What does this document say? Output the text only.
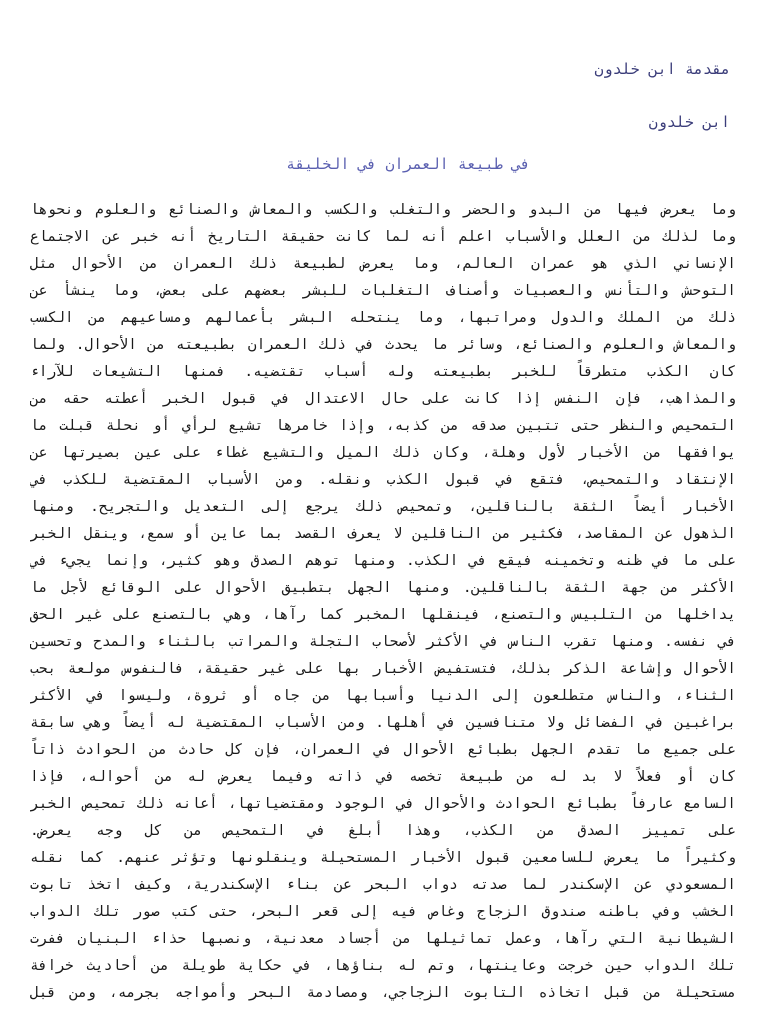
مقدمة ابن خلدون
ابن خلدون
في طبيعة العمران في الخليقة
وما يعرض فيها من البدو والحضر والتغلب والكسب والمعاش والصنائع والعلوم ونحوها
وما لذلك من العلل والأسباب اعلم أنه لما كانت حقيقة التاريخ أنه خبر عن الاجتماع
الإنساني الذي هو عمران العالم، وما يعرض لطبيعة ذلك العمران من الأحوال مثل
التوحش والتأنس والعصبيات وأصناف التغلبات للبشر بعضهم على بعض، وما ينشأ عن
ذلك من الملك والدول ومراتبها، وما ينتحله البشر بأعمالهم ومساعيهم من الكسب
والمعاش والعلوم والصنائع، وسائر ما يحدث في ذلك العمران بطبيعته من الأحوال. ولما
كان الكذب متطرقاً للخبر بطبيعته وله أسباب تقتضيه. فمنها التشيعات للآراء
والمذاهب، فإن النفس إذا كانت على حال الاعتدال في قبول الخبر أعطته حقه من
التمحيص والنظر حتى تتبين صدقه من كذبه، وإذا خامرها تشيع لرأي أو نحلة قبلت ما
يوافقها من الأخبار لأول وهلة، وكان ذلك الميل والتشيع غطاء على عين بصيرتها عن
الإنتقاد والتمحيص، فتقع في قبول الكذب ونقله. ومن الأسباب المقتضية للكذب في
الأخبار أيضاً الثقة بالناقلين، وتمحيص ذلك يرجع إلى التعديل والتجريح. ومنها
الذهول عن المقاصد، فكثير من الناقلين لا يعرف القصد بما عاين أو سمع، وينقل الخبر
على ما في ظنه وتخمينه فيقع في الكذب. ومنها توهم الصدق وهو كثير، وإنما يجيء في
الأكثر من جهة الثقة بالناقلين. ومنها الجهل بتطبيق الأحوال على الوقائع لأجل ما
يداخلها من التلبيس والتصنع، فينقلها المخبر كما رآها، وهي بالتصنع على غير الحق
في نفسه. ومنها تقرب الناس في الأكثر لأصحاب التجلة والمراتب بالثناء والمدح وتحسين
الأحوال وإشاعة الذكر بذلك، فتستفيض الأخبار بها على غير حقيقة، فالنفوس مولعة بحب
الثناء، والناس متطلعون إلى الدنيا وأسبابها من جاه أو ثروة، وليسوا في الأكثر
براغبين في الفضائل ولا متنافسين في أهلها. ومن الأسباب المقتضية له أيضاً وهي سابقة
على جميع ما تقدم الجهل بطبائع الأحوال في العمران، فإن كل حادث من الحوادث ذاتاً
كان أو فعلاً لا بد له من طبيعة تخصه في ذاته وفيما يعرض له من أحواله، فإذا
السامع عارفاً بطبائع الحوادث والأحوال في الوجود ومقتضياتها، أعانه ذلك تمحيص الخبر
على تمييز الصدق من الكذب، وهذا أبلغ في التمحيص من كل وجه يعرض.
وكثيراً ما يعرض للسامعين قبول الأخبار المستحيلة وينقلونها وتؤثر عنهم. كما نقله
المسعودي عن الإسكندر لما صدته دواب البحر عن بناء الإسكندرية، وكيف اتخذ تابوت
الخشب وفي باطنه صندوق الزجاج وغاص فيه إلى قعر البحر، حتى كتب صور تلك الدواب
الشيطانية التي رآها، وعمل تماثيلها من أجساد معدنية، ونصبها حذاء البنيان ففرت
تلك الدواب حين خرجت وعاينتها، وتم له بناؤها، في حكاية طويلة من أحاديث خرافة
مستحيلة من قبل اتخاذه التابوت الزجاجي، ومصادمة البحر وأمواجه بجرمه، ومن قبل
